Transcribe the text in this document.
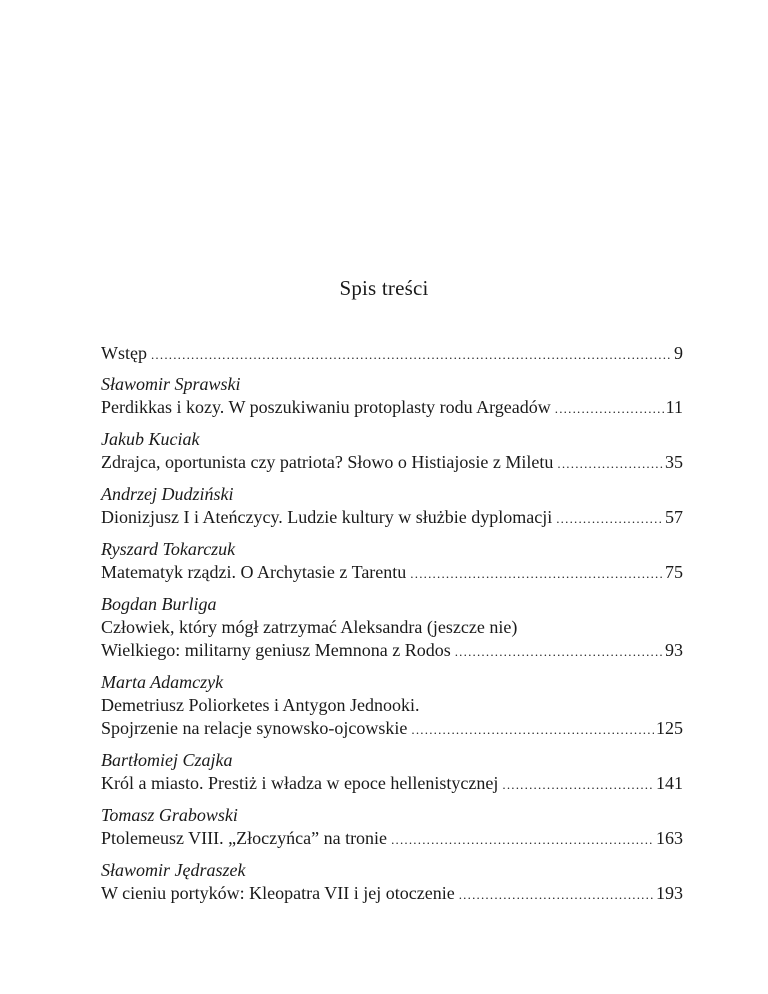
Spis treści
Wstęp .....	9
Sławomir Sprawski
Perdikkas i kozy. W poszukiwaniu protoplasty rodu Argeadów .....	11
Jakub Kuciak
Zdrajca, oportunista czy patriota? Słowo o Histiajosie z Miletu .....	35
Andrzej Dudziński
Dionizjusz I i Ateńczycy. Ludzie kultury w służbie dyplomacji .....	57
Ryszard Tokarczuk
Matematyk rządzi. O Archytasie z Tarentu .....	75
Bogdan Burliga
Człowiek, który mógł zatrzymać Aleksandra (jeszcze nie)
Wielkiego: militarny geniusz Memnona z Rodos .....	93
Marta Adamczyk
Demetriusz Poliorketes i Antygon Jednooki.
Spojrzenie na relacje synowsko-ojcowskie .....	125
Bartłomiej Czajka
Król a miasto. Prestiż i władza w epoce hellenistycznej .....	141
Tomasz Grabowski
Ptolemeusz VIII. „Złoczyńca” na tronie .....	163
Sławomir Jędraszek
W cieniu portyków: Kleopatra VII i jej otoczenie .....	193
